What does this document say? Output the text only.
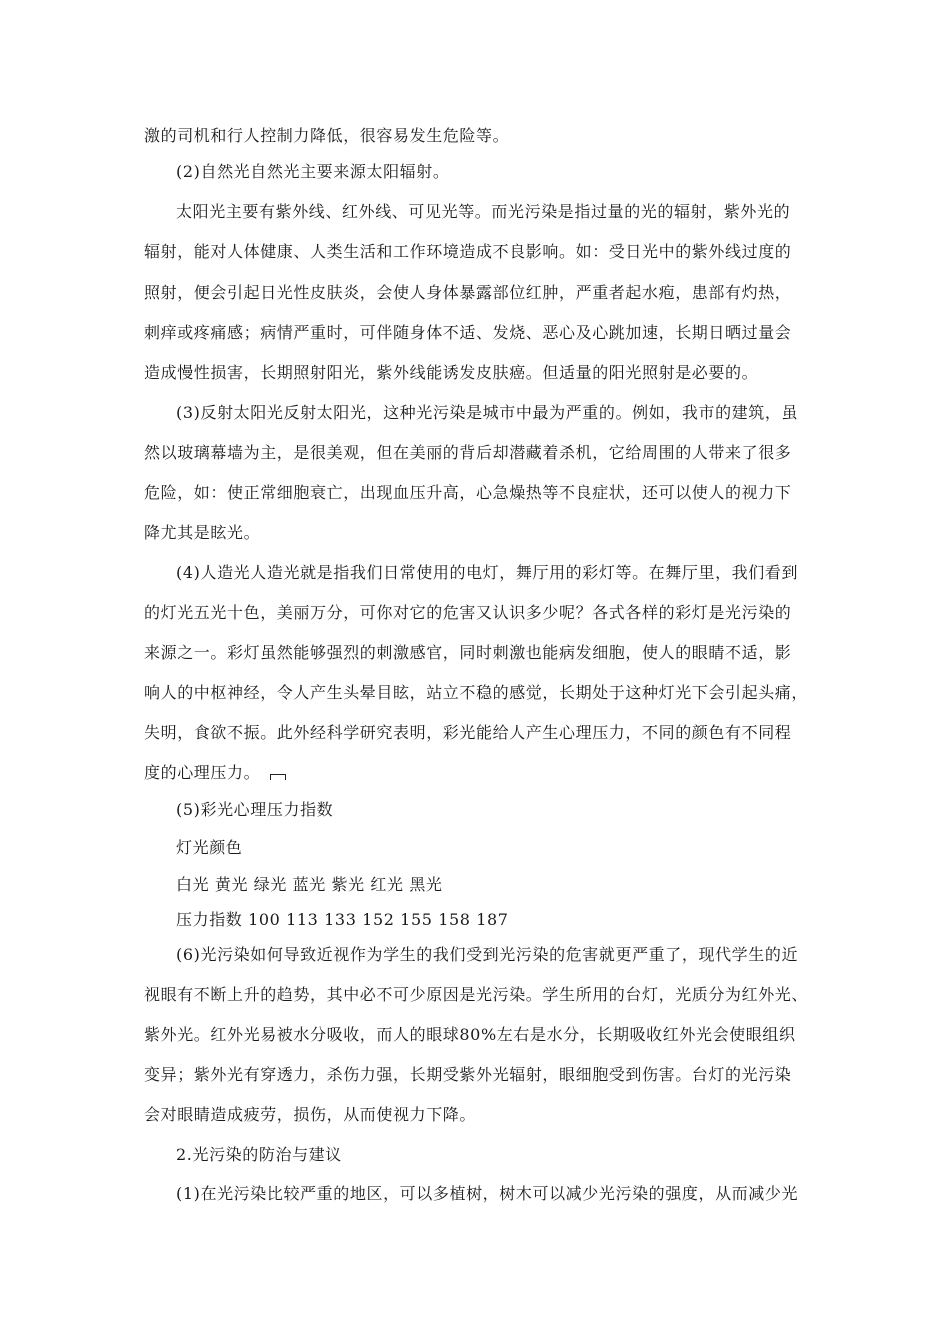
激的司机和行人控制力降低，很容易发生危险等。
(2)自然光自然光主要来源太阳辐射。
太阳光主要有紫外线、红外线、可见光等。而光污染是指过量的光的辐射，紫外光的
辐射，能对人体健康、人类生活和工作环境造成不良影响。如：受日光中的紫外线过度的
照射，便会引起日光性皮肤炎，会使人身体暴露部位红肿，严重者起水疱，患部有灼热，
刺痒或疼痛感；病情严重时，可伴随身体不适、发烧、恶心及心跳加速，长期日晒过量会
造成慢性损害，长期照射阳光，紫外线能诱发皮肤癌。但适量的阳光照射是必要的。
(3)反射太阳光反射太阳光，这种光污染是城市中最为严重的。例如，我市的建筑，虽
然以玻璃幕墙为主，是很美观，但在美丽的背后却潜藏着杀机，它给周围的人带来了很多
危险，如：使正常细胞衰亡，出现血压升高，心急燥热等不良症状，还可以使人的视力下
降尤其是眩光。
(4)人造光人造光就是指我们日常使用的电灯，舞厅用的彩灯等。在舞厅里，我们看到
的灯光五光十色，美丽万分，可你对它的危害又认识多少呢？各式各样的彩灯是光污染的
来源之一。彩灯虽然能够强烈的刺激感官，同时刺激也能病发细胞，使人的眼睛不适，影
响人的中枢神经，令人产生头晕目眩，站立不稳的感觉，长期处于这种灯光下会引起头痛，
失明，食欲不振。此外经科学研究表明，彩光能给人产生心理压力，不同的颜色有不同程
度的心理压力。
(5)彩光心理压力指数
灯光颜色
白光 黄光 绿光 蓝光 紫光 红光 黑光
压力指数 100 113 133 152 155 158 187
(6)光污染如何导致近视作为学生的我们受到光污染的危害就更严重了，现代学生的近
视眼有不断上升的趋势，其中必不可少原因是光污染。学生所用的台灯，光质分为红外光、
紫外光。红外光易被水分吸收，而人的眼球80%左右是水分，长期吸收红外光会使眼组织
变异；紫外光有穿透力，杀伤力强，长期受紫外光辐射，眼细胞受到伤害。台灯的光污染
会对眼睛造成疲劳，损伤，从而使视力下降。
2.光污染的防治与建议
(1)在光污染比较严重的地区，可以多植树，树木可以减少光污染的强度，从而减少光
